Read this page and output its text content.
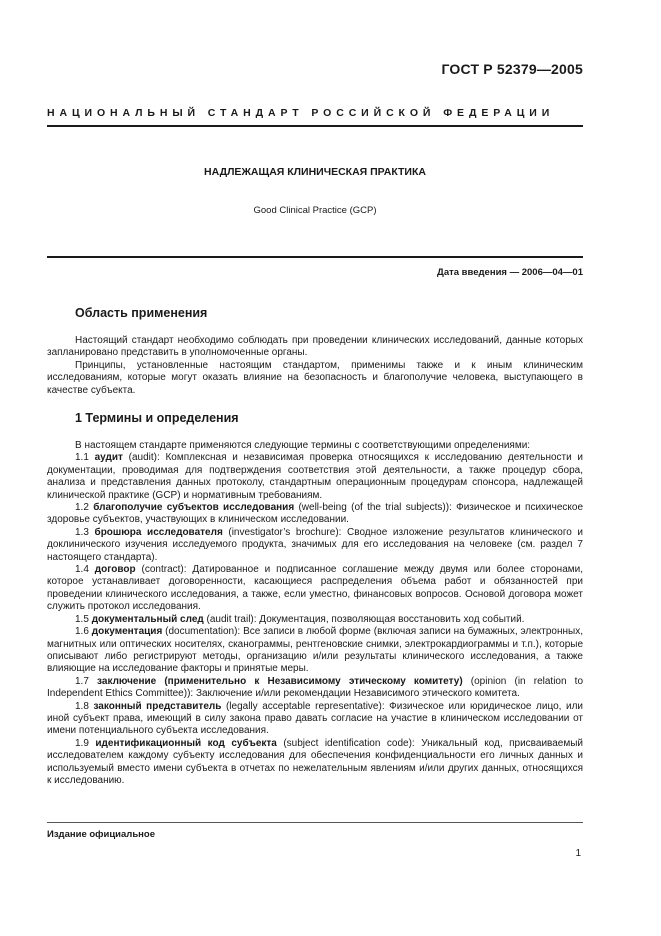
ГОСТ Р 52379—2005
НАЦИОНАЛЬНЫЙ СТАНДАРТ РОССИЙСКОЙ ФЕДЕРАЦИИ
НАДЛЕЖАЩАЯ КЛИНИЧЕСКАЯ ПРАКТИКА
Good Clinical Practice (GCP)
Дата введения — 2006—04—01
Область применения

Настоящий стандарт необходимо соблюдать при проведении клинических исследований, данные которых запланировано представить в уполномоченные органы.

Принципы, установленные настоящим стандартом, применимы также и к иным клиническим исследованиям, которые могут оказать влияние на безопасность и благополучие человека, выступающего в качестве субъекта.

1 Термины и определения

В настоящем стандарте применяются следующие термины с соответствующими определениями:

1.1 аудит (audit): Комплексная и независимая проверка относящихся к исследованию деятельности и документации, проводимая для подтверждения соответствия этой деятельности, а также процедур сбора, анализа и представления данных протоколу, стандартным операционным процедурам спонсора, надлежащей клинической практике (GCP) и нормативным требованиям.

1.2 благополучие субъектов исследования (well-being (of the trial subjects)): Физическое и психическое здоровье субъектов, участвующих в клиническом исследовании.

1.3 брошюра исследователя (investigator’s brochure): Сводное изложение результатов клинического и доклинического изучения исследуемого продукта, значимых для его исследования на человеке (см. раздел 7 настоящего стандарта).

1.4 договор (contract): Датированное и подписанное соглашение между двумя или более сторонами, которое устанавливает договоренности, касающиеся распределения объема работ и обязанностей при проведении клинического исследования, а также, если уместно, финансовых вопросов. Основой договора может служить протокол исследования.

1.5 документальный след (audit trail): Документация, позволяющая восстановить ход событий.

1.6 документация (documentation): Все записи в любой форме (включая записи на бумажных, электронных, магнитных или оптических носителях, сканограммы, рентгеновские снимки, электрокардиограммы и т.п.), которые описывают либо регистрируют методы, организацию и/или результаты клинического исследования, а также влияющие на исследование факторы и принятые меры.

1.7 заключение (применительно к Независимому этическому комитету) (opinion (in relation to Independent Ethics Committee)): Заключение и/или рекомендации Независимого этического комитета.

1.8 законный представитель (legally acceptable representative): Физическое или юридическое лицо, или иной субъект права, имеющий в силу закона право давать согласие на участие в клиническом исследовании от имени потенциального субъекта исследования.

1.9 идентификационный код субъекта (subject identification code): Уникальный код, присваиваемый исследователем каждому субъекту исследования для обеспечения конфиденциальности его личных данных и используемый вместо имени субъекта в отчетах по нежелательным явлениям и/или других данных, относящихся к исследованию.

Издание официальное
1
